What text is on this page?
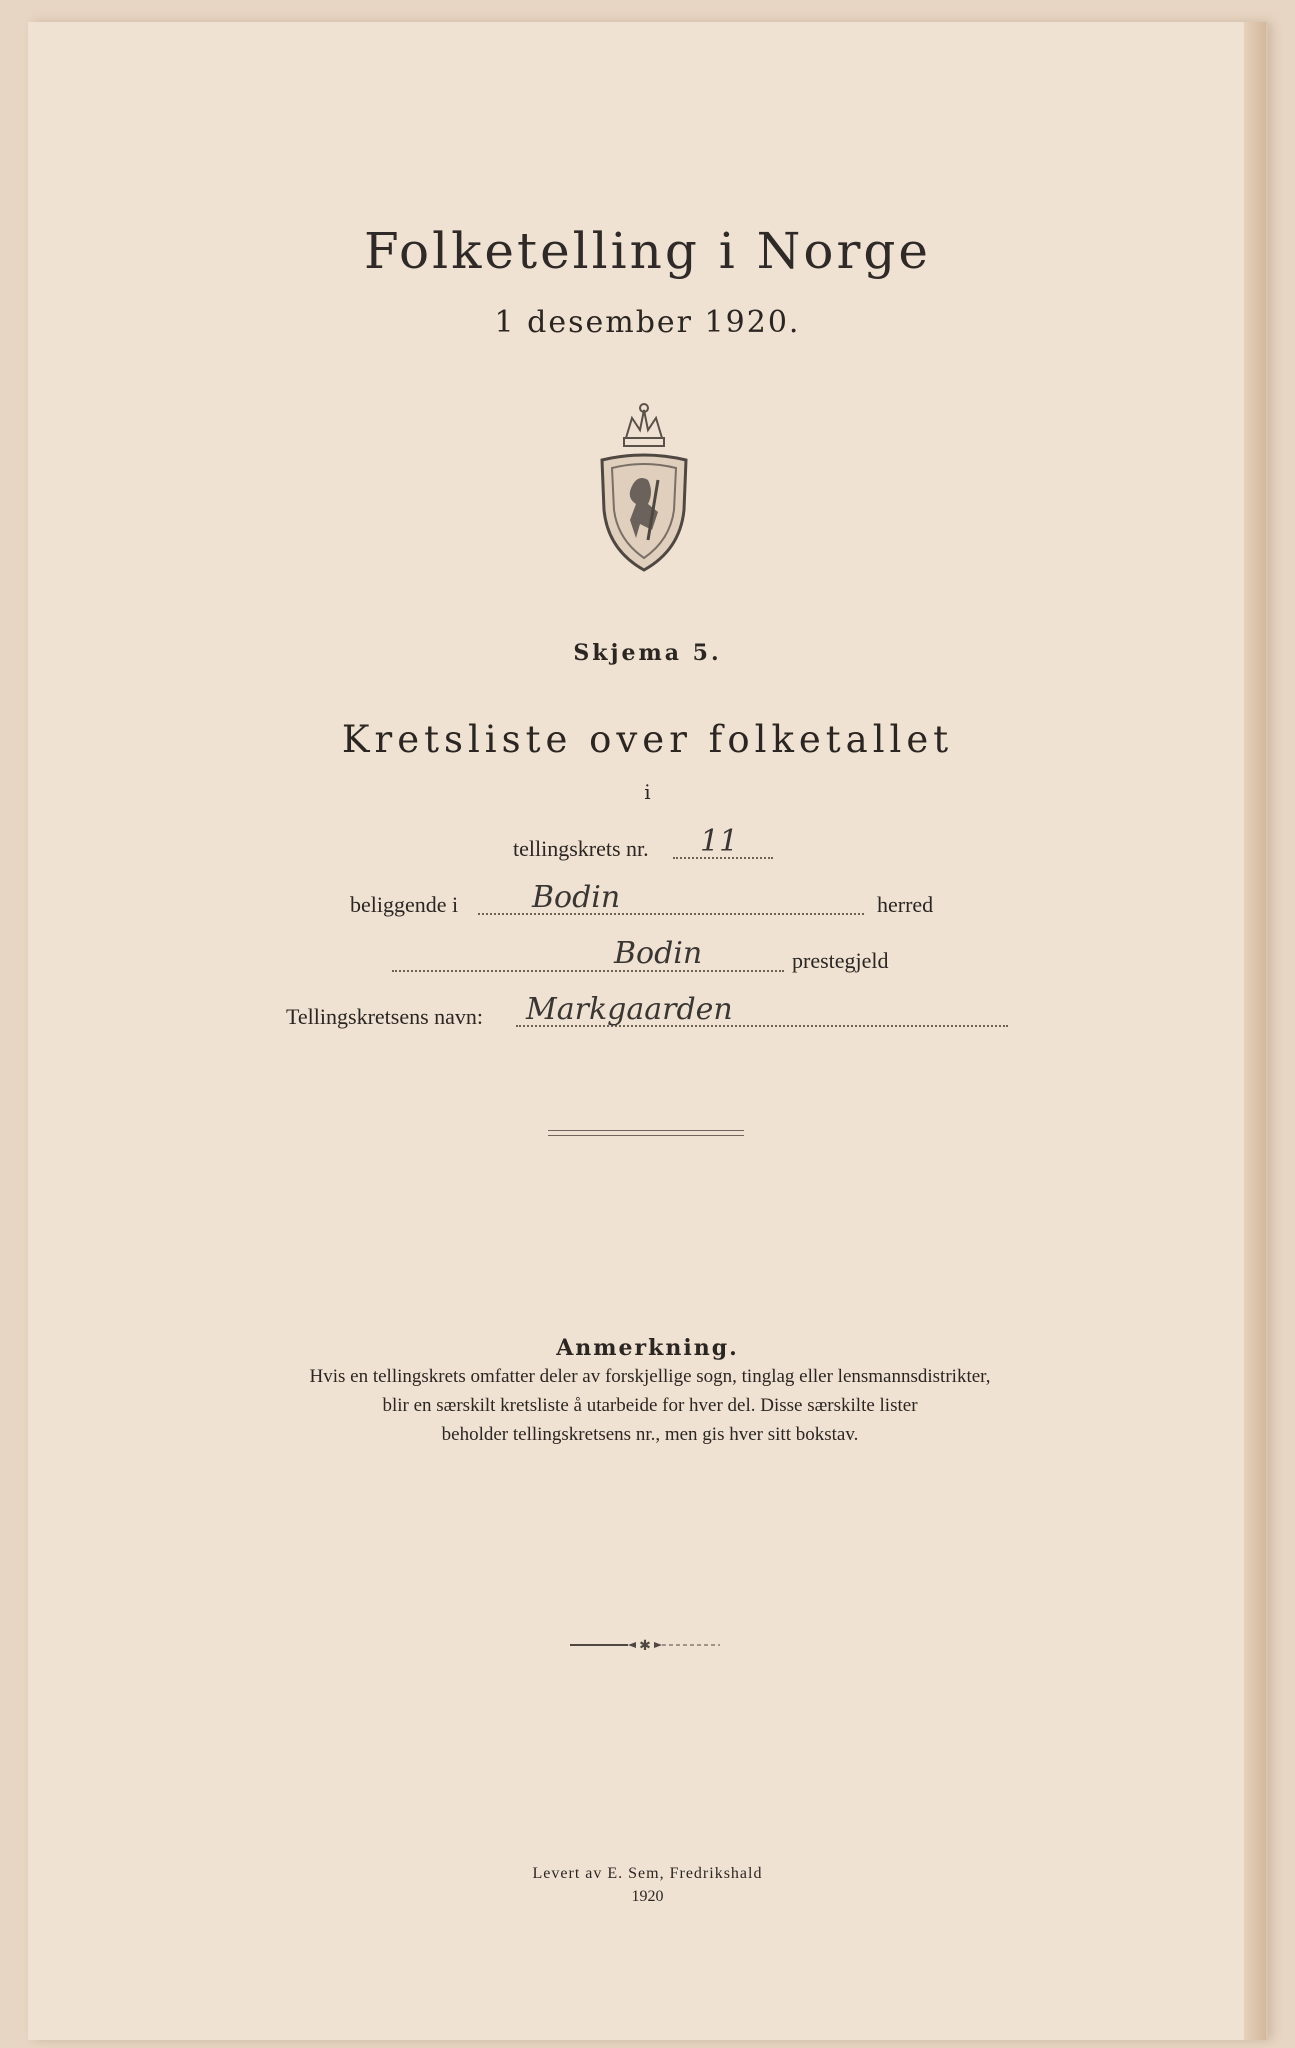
Folketelling i Norge
1 desember 1920.
Skjema 5.
Kretsliste over folketallet
i
tellingskrets nr. 11
beliggende i Bodin	herred
Bodin	prestegjeld
Tellingskretsens navn: Markgaarden
Anmerkning.
Hvis en tellingskrets omfatter deler av forskjellige sogn, tinglag eller lensmannsdistrikter,
blir en særskilt kretsliste å utarbeide for hver del. Disse særskilte lister
beholder tellingskretsens nr., men gis hver sitt bokstav.
✱
Levert av E. Sem, Fredrikshald
1920
